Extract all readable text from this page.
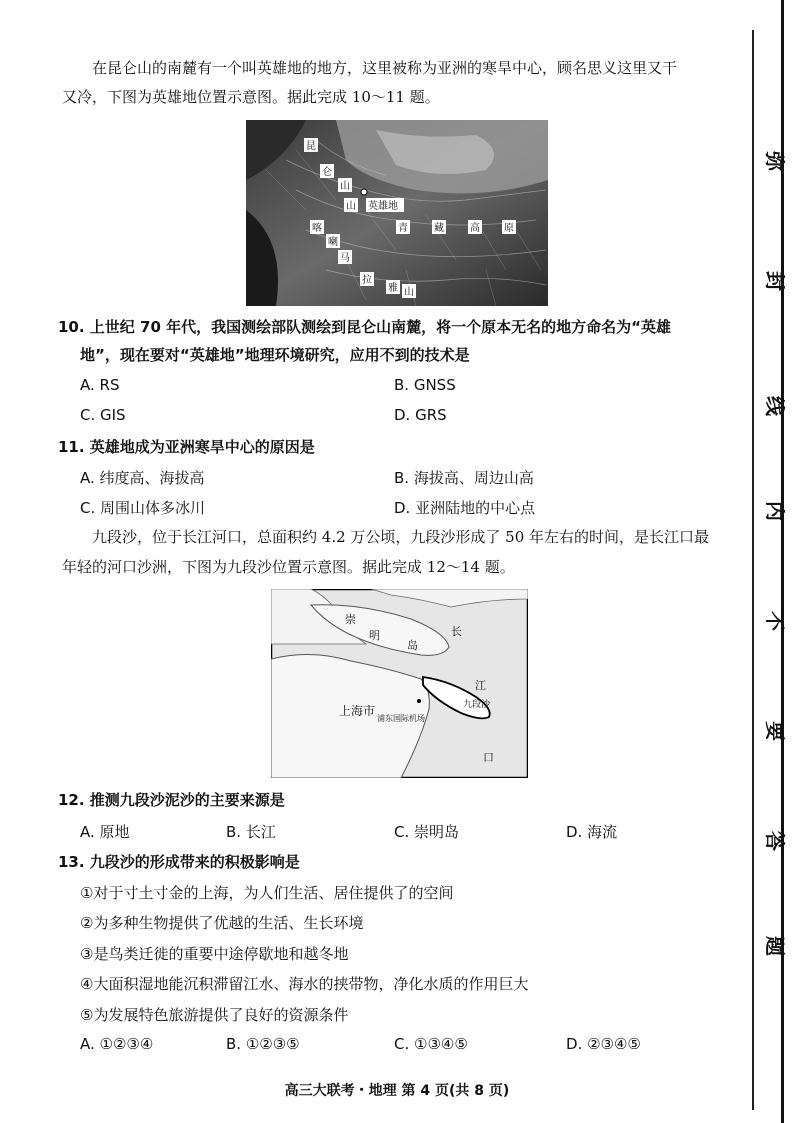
在昆仑山的南麓有一个叫英雄地的地方，这里被称为亚洲的寒旱中心，顾名思义这里又干
又冷，下图为英雄地位置示意图。据此完成 10～11 题。
昆
仑
山
山 英雄地
青	藏	高 原
喀
喇
马
拉
雅 山
10. 上世纪 70 年代，我国测绘部队测绘到昆仑山南麓，将一个原本无名的地方命名为“英雄
地”，现在要对“英雄地”地理环境研究，应用不到的技术是
A. RS	B. GNSS
C. GIS	D. GRS
11. 英雄地成为亚洲寒旱中心的原因是
A. 纬度高、海拔高	B. 海拔高、周边山高
C. 周围山体多冰川	D. 亚洲陆地的中心点
九段沙，位于长江河口，总面积约 4.2 万公顷，九段沙形成了 50 年左右的时间，是长江口最
年轻的河口沙洲，下图为九段沙位置示意图。据此完成 12～14 题。
崇
明
岛
长
江
九段沙
上海市
浦东国际机场
口
12. 推测九段沙泥沙的主要来源是
A. 原地	B. 长江	C. 崇明岛	D. 海流
13. 九段沙的形成带来的积极影响是
①对于寸土寸金的上海，为人们生活、居住提供了的空间
②为多种生物提供了优越的生活、生长环境
③是鸟类迁徙的重要中途停歇地和越冬地
④大面积湿地能沉积滞留江水、海水的挟带物，净化水质的作用巨大
⑤为发展特色旅游提供了良好的资源条件
A. ①②③④	B. ①②③⑤	C. ①③④⑤	D. ②③④⑤
高三大联考・地理 第 4 页(共 8 页)
弥
封
线
内
不
要
答
题
